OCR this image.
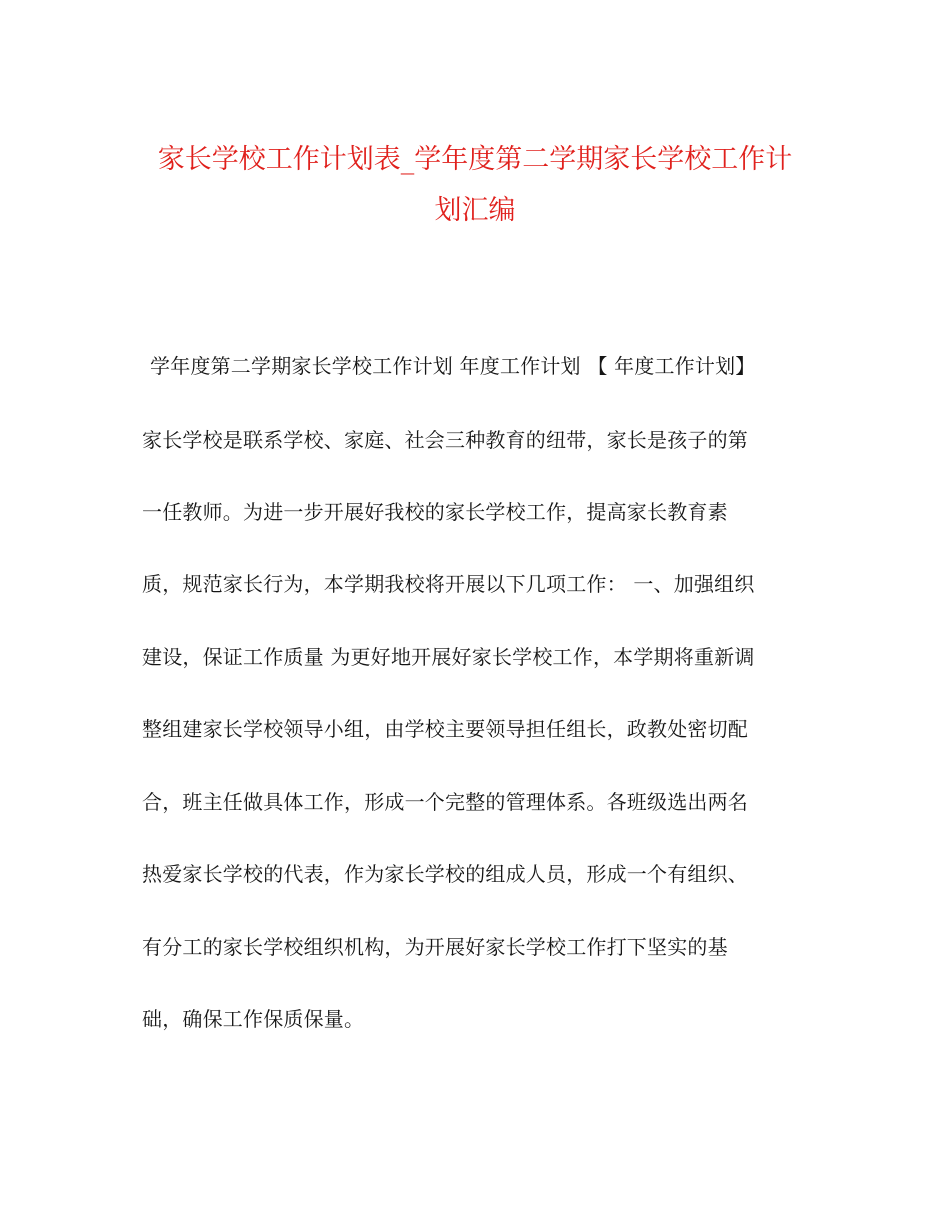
家长学校工作计划表_学年度第二学期家长学校工作计
划汇编
学年度第二学期家长学校工作计划 年度工作计划 【 年度工作计划】
家长学校是联系学校、家庭、社会三种教育的纽带，家长是孩子的第
一任教师。为进一步开展好我校的家长学校工作，提高家长教育素
质，规范家长行为，本学期我校将开展以下几项工作： 一、加强组织
建设，保证工作质量 为更好地开展好家长学校工作，本学期将重新调
整组建家长学校领导小组，由学校主要领导担任组长，政教处密切配
合，班主任做具体工作，形成一个完整的管理体系。各班级选出两名
热爱家长学校的代表，作为家长学校的组成人员，形成一个有组织、
有分工的家长学校组织机构，为开展好家长学校工作打下坚实的基
础，确保工作保质保量。
